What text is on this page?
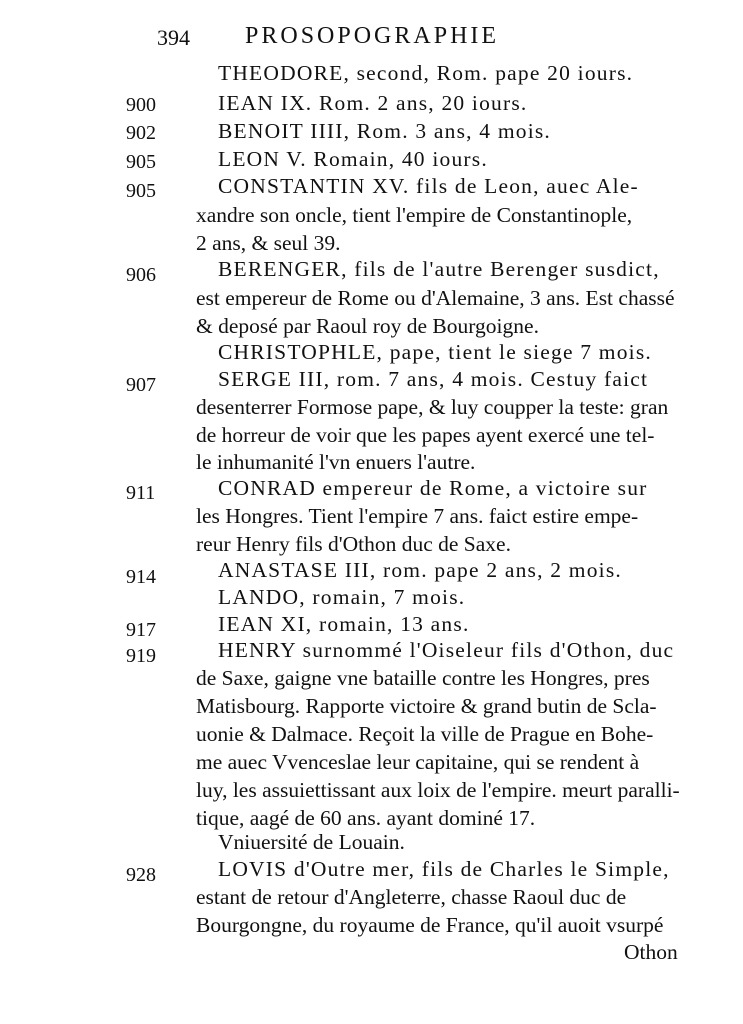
394 PROSOPOGRAPHIE
THEODORE, second, Rom. pape 20 iours.
900	IEAN IX. Rom. 2 ans, 20 iours.
902	BENOIT IIII, Rom. 3 ans, 4 mois.
905	LEON V. Romain, 40 iours.
905	CONSTANTIN XV. fils de Leon, auec Ale-
xandre son oncle, tient l'empire de Constantinople,
2 ans, & seul 39.
906	BERENGER, fils de l'autre Berenger susdict,
est empereur de Rome ou d'Alemaine, 3 ans. Est chassé
& deposé par Raoul roy de Bourgoigne.
CHRISTOPHLE, pape, tient le siege 7 mois.
907	SERGE III, rom. 7 ans, 4 mois. Cestuy faict
desenterrer Formose pape, & luy coupper la teste: gran
de horreur de voir que les papes ayent exercé une tel-
le inhumanité l'vn enuers l'autre.
911	CONRAD empereur de Rome, a victoire sur
les Hongres. Tient l'empire 7 ans. faict estire empe-
reur Henry fils d'Othon duc de Saxe.
914	ANASTASE III, rom. pape 2 ans, 2 mois.
LANDO, romain, 7 mois.
917	IEAN XI, romain, 13 ans.
919	HENRY surnommé l'Oiseleur fils d'Othon, duc
de Saxe, gaigne vne bataille contre les Hongres, pres
Matisbourg. Rapporte victoire & grand butin de Scla-
uonie & Dalmace. Reçoit la ville de Prague en Bohe-
me auec Vvenceslae leur capitaine, qui se rendent à
luy, les assuiettissant aux loix de l'empire. meurt paralli-
tique, aagé de 60 ans. ayant dominé 17.
Vniuersité de Louain.
928	LOVIS d'Outre mer, fils de Charles le Simple,
estant de retour d'Angleterre, chasse Raoul duc de
Bourgongne, du royaume de France, qu'il auoit vsurpé
Othon
